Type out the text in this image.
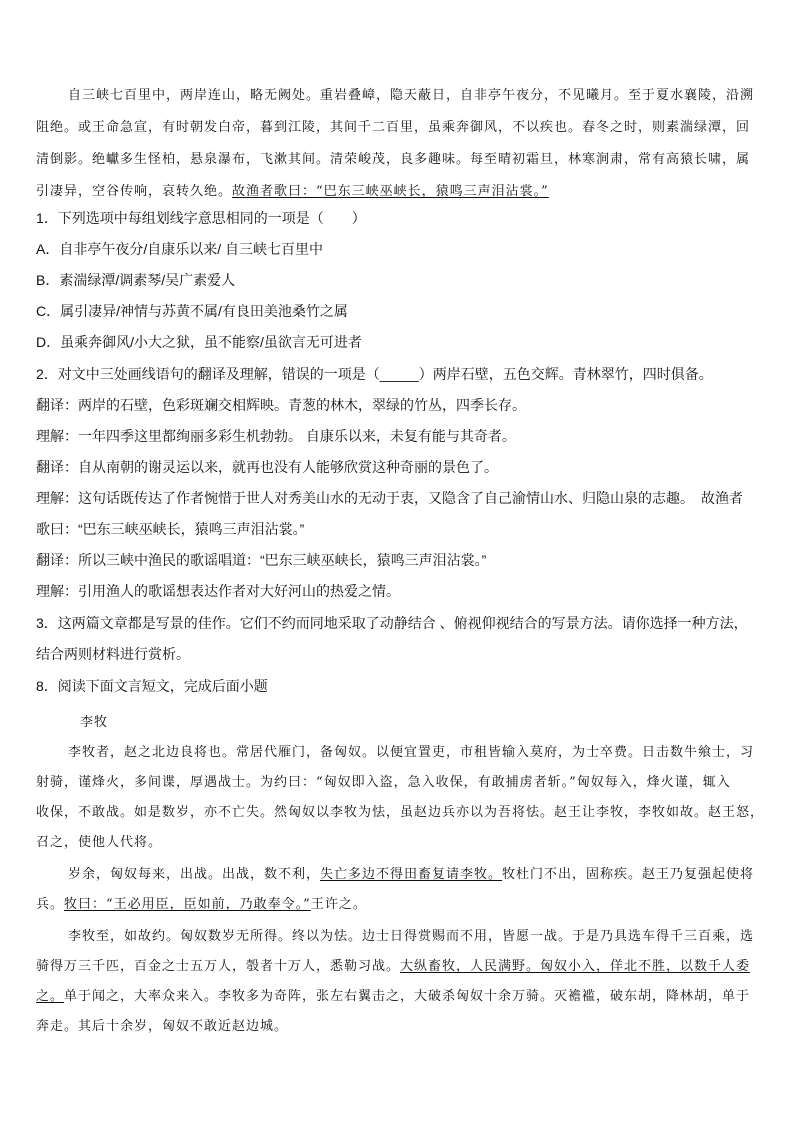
自三峡七百里中，两岸连山，略无阙处。重岩叠嶂，隐天蔽日，自非亭午夜分，不见曦月。至于夏水襄陵，沿溯
阻绝。或王命急宣，有时朝发白帝，暮到江陵，其间千二百里，虽乘奔御风，不以疾也。春冬之时，则素湍绿潭，回
清倒影。绝巘多生怪柏，悬泉瀑布，飞漱其间。清荣峻茂，良多趣味。每至晴初霜旦，林寒涧肃，常有高猿长啸，属
引凄异，空谷传响，哀转久绝。故渔者歌曰：“巴东三峡巫峡长，猿鸣三声泪沾裳。”
1．下列选项中每组划线字意思相同的一项是（　　）
A．自非亭午夜分/自康乐以来/ 自三峡七百里中
B．素湍绿潭/调素琴/吴广素爱人
C．属引凄异/神情与苏黄不属/有良田美池桑竹之属
D．虽乘奔御风/小大之狱，虽不能察/虽欲言无可进者
2．对文中三处画线语句的翻译及理解，错误的一项是（_____）两岸石壁，五色交辉。青林翠竹，四时俱备。
翻译：两岸的石壁，色彩斑斓交相辉映。青葱的林木，翠绿的竹丛，四季长存。
理解：一年四季这里都绚丽多彩生机勃勃。 自康乐以来，未复有能与其奇者。
翻译：自从南朝的谢灵运以来，就再也没有人能够欣赏这种奇丽的景色了。
理解：这句话既传达了作者惋惜于世人对秀美山水的无动于衷，又隐含了自己渝情山水、归隐山泉的志趣。　故渔者
歌曰：“巴东三峡巫峡长，猿鸣三声泪沾裳。”
翻译：所以三峡中渔民的歌谣唱道：“巴东三峡巫峡长，猿鸣三声泪沾裳。”
理解：引用渔人的歌谣想表达作者对大好河山的热爱之情。
3．这两篇文章都是写景的佳作。它们不约而同地采取了动静结合 、俯视仰视结合的写景方法。请你选择一种方法，
结合两则材料进行赏析。
8．阅读下面文言短文，完成后面小题
李牧
李牧者，赵之北边良将也。常居代雁门，备匈奴。以便宜置吏，市租皆输入莫府，为士卒费。日击数牛飨士，习
射骑，谨烽火，多间谍，厚遇战士。为约曰：“匈奴即入盗，急入收保，有敢捕虏者斩。”匈奴每入，烽火谨，辄入
收保，不敢战。如是数岁，亦不亡失。然匈奴以李牧为怯，虽赵边兵亦以为吾将怯。赵王让李牧，李牧如故。赵王怒，
召之，使他人代将。
岁余，匈奴每来，出战。出战，数不利，失亡多边不得田畜复请李牧。牧杜门不出，固称疾。赵王乃复强起使将
兵。牧曰：“王必用臣，臣如前，乃敢奉令。”王许之。
李牧至，如故约。匈奴数岁无所得。终以为怯。边士日得赏赐而不用，皆愿一战。于是乃具选车得千三百乘，选
骑得万三千匹，百金之士五万人，彀者十万人，悉勒习战。大纵畜牧，人民满野。匈奴小入，佯北不胜，以数千人委
之。单于闻之，大率众来入。李牧多为奇阵，张左右翼击之，大破杀匈奴十余万骑。灭襜褴，破东胡，降林胡，单于
奔走。其后十余岁，匈奴不敢近赵边城。
